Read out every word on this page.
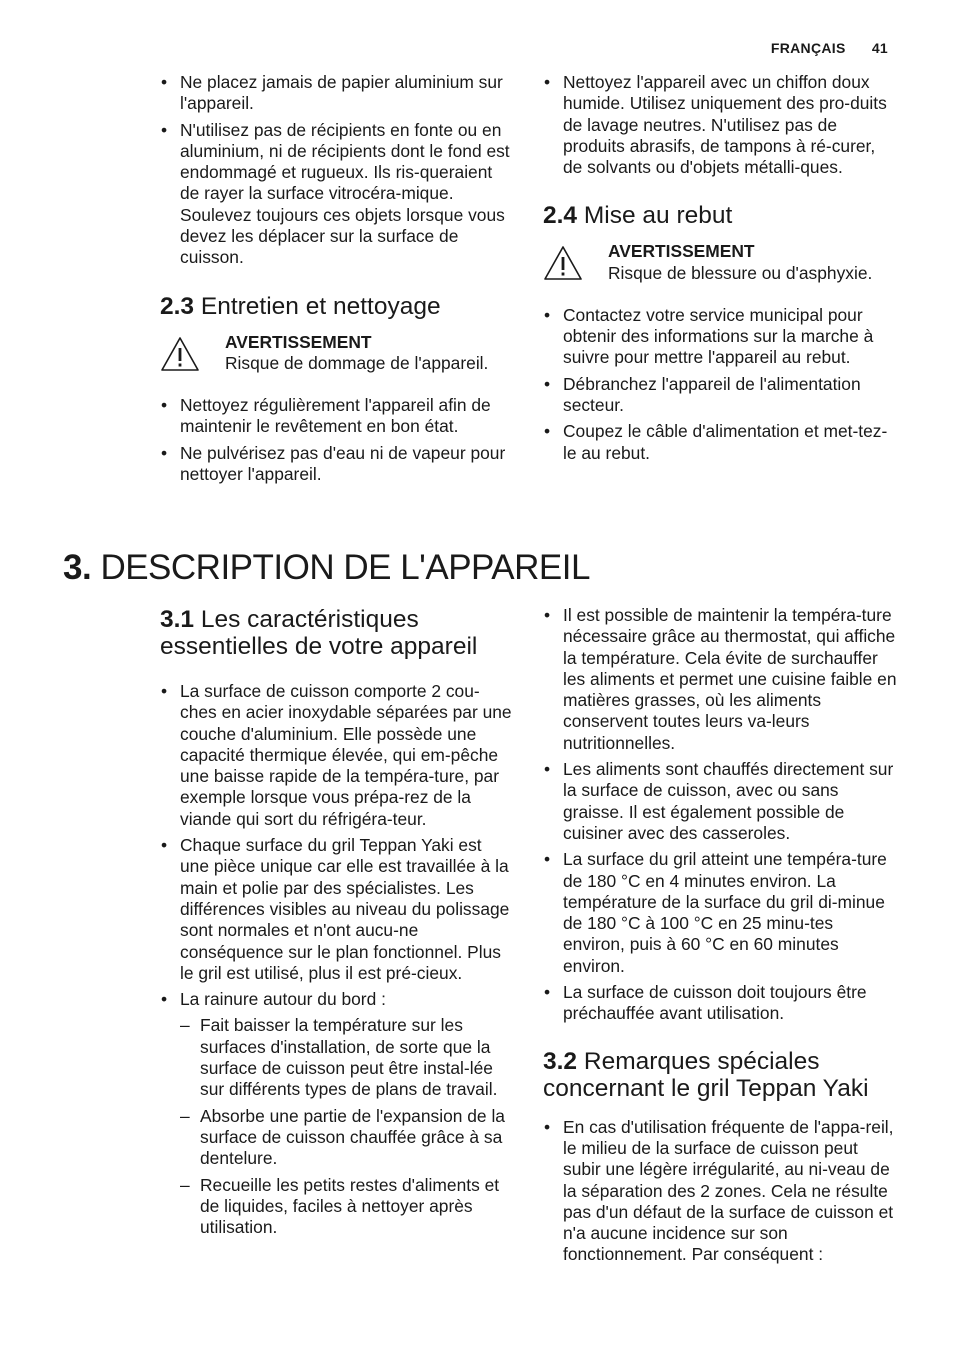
FRANÇAIS 41
• Ne placez jamais de papier aluminium sur l'appareil.
• N'utilisez pas de récipients en fonte ou en aluminium, ni de récipients dont le fond est endommagé et rugueux. Ils ris-queraient de rayer la surface vitrocéra-mique. Soulevez toujours ces objets lorsque vous devez les déplacer sur la surface de cuisson.
2.3 Entretien et nettoyage
AVERTISSEMENT
Risque de dommage de l'appareil.
• Nettoyez régulièrement l'appareil afin de maintenir le revêtement en bon état.
• Ne pulvérisez pas d'eau ni de vapeur pour nettoyer l'appareil.
• Nettoyez l'appareil avec un chiffon doux humide. Utilisez uniquement des pro-duits de lavage neutres. N'utilisez pas de produits abrasifs, de tampons à ré-curer, de solvants ou d'objets métalli-ques.
2.4 Mise au rebut
AVERTISSEMENT
Risque de blessure ou d'asphyxie.
• Contactez votre service municipal pour obtenir des informations sur la marche à suivre pour mettre l'appareil au rebut.
• Débranchez l'appareil de l'alimentation secteur.
• Coupez le câble d'alimentation et met-tez-le au rebut.
3. DESCRIPTION DE L'APPAREIL
3.1 Les caractéristiques essentielles de votre appareil
• La surface de cuisson comporte 2 cou-ches en acier inoxydable séparées par une couche d'aluminium. Elle possède une capacité thermique élevée, qui em-pêche une baisse rapide de la tempéra-ture, par exemple lorsque vous prépa-rez de la viande qui sort du réfrigéra-teur.
• Chaque surface du gril Teppan Yaki est une pièce unique car elle est travaillée à la main et polie par des spécialistes. Les différences visibles au niveau du polissage sont normales et n'ont aucu-ne conséquence sur le plan fonctionnel. Plus le gril est utilisé, plus il est pré-cieux.
• La rainure autour du bord :
– Fait baisser la température sur les surfaces d'installation, de sorte que la surface de cuisson peut être instal-lée sur différents types de plans de travail.
– Absorbe une partie de l'expansion de la surface de cuisson chauffée grâce à sa dentelure.
– Recueille les petits restes d'aliments et de liquides, faciles à nettoyer après utilisation.
• Il est possible de maintenir la tempéra-ture nécessaire grâce au thermostat, qui affiche la température. Cela évite de surchauffer les aliments et permet une cuisine faible en matières grasses, où les aliments conservent toutes leurs va-leurs nutritionnelles.
• Les aliments sont chauffés directement sur la surface de cuisson, avec ou sans graisse. Il est également possible de cuisiner avec des casseroles.
• La surface du gril atteint une tempéra-ture de 180 °C en 4 minutes environ. La température de la surface du gril di-minue de 180 °C à 100 °C en 25 minu-tes environ, puis à 60 °C en 60 minutes environ.
• La surface de cuisson doit toujours être préchauffée avant utilisation.
3.2 Remarques spéciales concernant le gril Teppan Yaki
• En cas d'utilisation fréquente de l'appa-reil, le milieu de la surface de cuisson peut subir une légère irrégularité, au ni-veau de la séparation des 2 zones. Cela ne résulte pas d'un défaut de la surface de cuisson et n'a aucune incidence sur son fonctionnement. Par conséquent :
